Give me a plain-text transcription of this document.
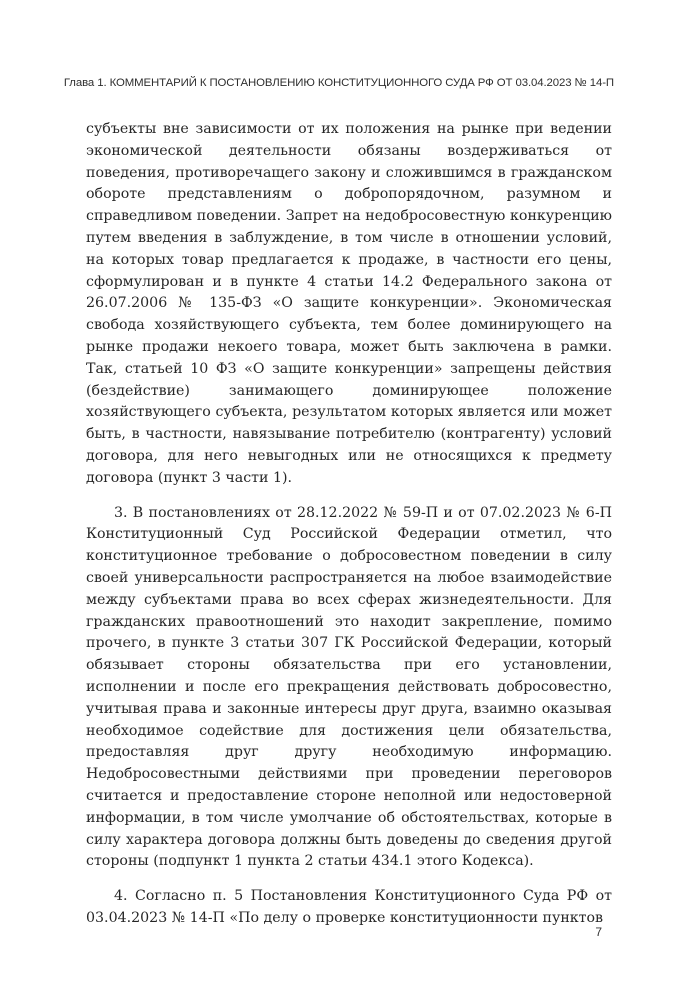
Глава 1. КОММЕНТАРИЙ К ПОСТАНОВЛЕНИЮ КОНСТИТУЦИОННОГО СУДА РФ ОТ 03.04.2023 № 14-П

субъекты вне зависимости от их положения на рынке при ведении экономической деятельности обязаны воздерживаться от поведения, противоречащего закону и сложившимся в гражданском обороте представлениям о добропорядочном, разумном и справедливом поведении. Запрет на недобросовестную конкуренцию путем введения в заблуждение, в том числе в отношении условий, на которых товар предлагается к продаже, в частности его цены, сформулирован и в пункте 4 статьи 14.2 Федерального закона от 26.07.2006 № 135-ФЗ «О защите конкуренции». Экономическая свобода хозяйствующего субъекта, тем более доминирующего на рынке продажи некоего товара, может быть заключена в рамки. Так, статьей 10 ФЗ «О защите конкуренции» запрещены действия (бездействие) занимающего доминирующее положение хозяйствующего субъекта, результатом которых является или может быть, в частности, навязывание потребителю (контрагенту) условий договора, для него невыгодных или не относящихся к предмету договора (пункт 3 части 1).

3. В постановлениях от 28.12.2022 № 59-П и от 07.02.2023 № 6-П Конституционный Суд Российской Федерации отметил, что конституционное требование о добросовестном поведении в силу своей универсальности распространяется на любое взаимодействие между субъектами права во всех сферах жизнедеятельности. Для гражданских правоотношений это находит закрепление, помимо прочего, в пункте 3 статьи 307 ГК Российской Федерации, который обязывает стороны обязательства при его установлении, исполнении и после его прекращения действовать добросовестно, учитывая права и законные интересы друг друга, взаимно оказывая необходимое содействие для достижения цели обязательства, предоставляя друг другу необходимую информацию. Недобросовестными действиями при проведении переговоров считается и предоставление стороне неполной или недостоверной информации, в том числе умолчание об обстоятельствах, которые в силу характера договора должны быть доведены до сведения другой стороны (подпункт 1 пункта 2 статьи 434.1 этого Кодекса).

4. Согласно п. 5 Постановления Конституционного Суда РФ от 03.04.2023 № 14-П «По делу о проверке конституционности пунктов

7
